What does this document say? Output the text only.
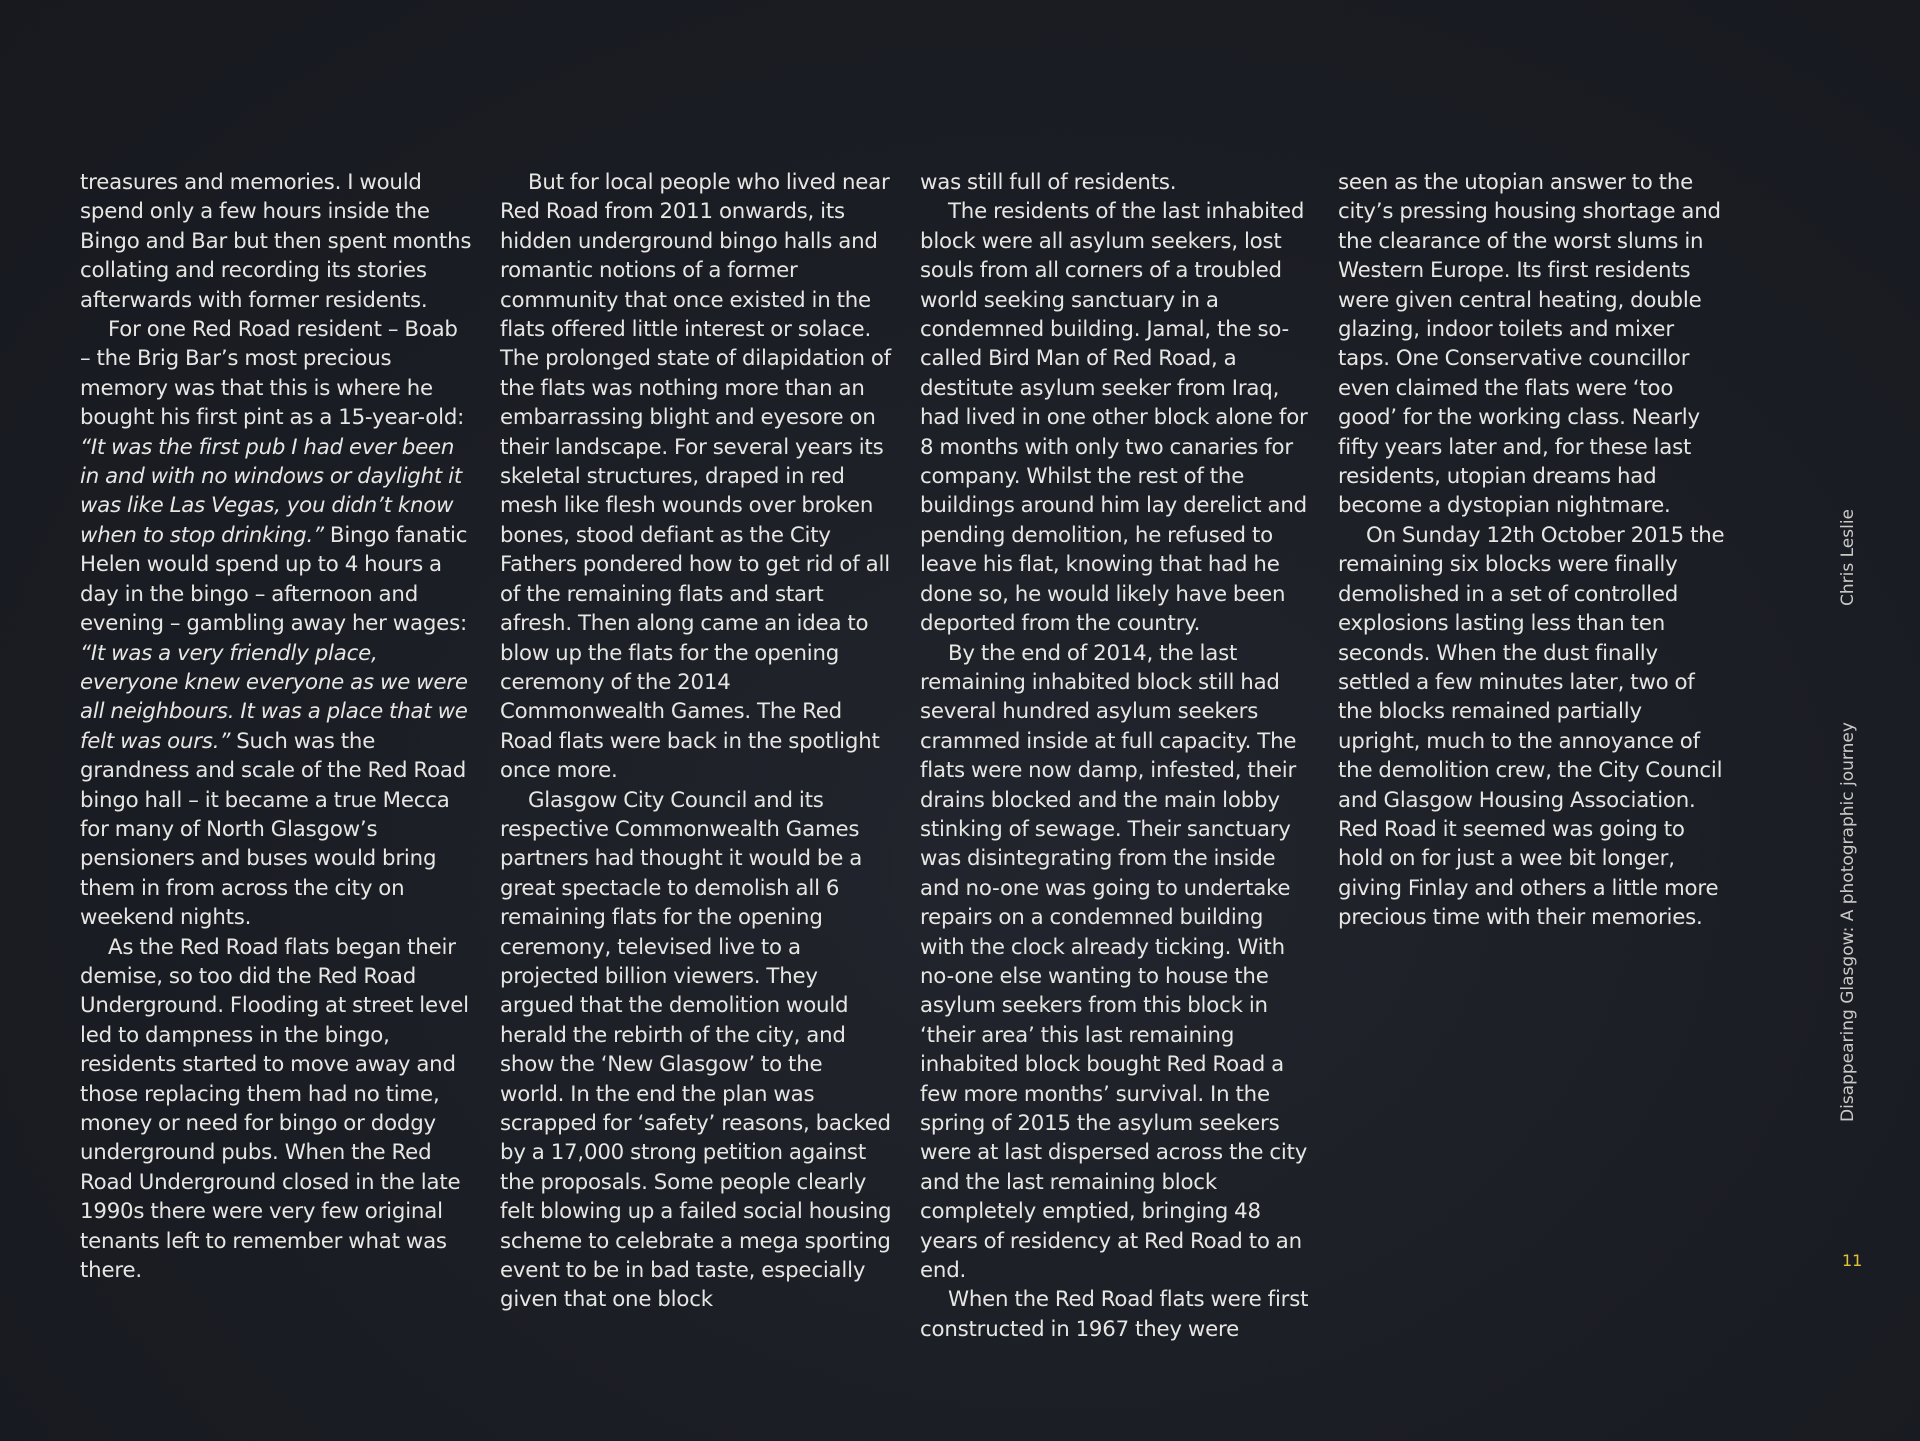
treasures and memories. I would spend only a few hours inside the Bingo and Bar but then spent months collating and recording its stories afterwards with former residents.

For one Red Road resident – Boab – the Brig Bar’s most precious memory was that this is where he bought his first pint as a 15-year-old: “It was the first pub I had ever been in and with no windows or daylight it was like Las Vegas, you didn’t know when to stop drinking.” Bingo fanatic Helen would spend up to 4 hours a day in the bingo – afternoon and evening – gambling away her wages: “It was a very friendly place, everyone knew everyone as we were all neighbours. It was a place that we felt was ours.” Such was the grandness and scale of the Red Road bingo hall – it became a true Mecca for many of North Glasgow’s pensioners and buses would bring them in from across the city on weekend nights.

As the Red Road flats began their demise, so too did the Red Road Underground. Flooding at street level led to dampness in the bingo, residents started to move away and those replacing them had no time, money or need for bingo or dodgy underground pubs. When the Red Road Underground closed in the late 1990s there were very few original tenants left to remember what was there.

But for local people who lived near Red Road from 2011 onwards, its hidden underground bingo halls and romantic notions of a former community that once existed in the flats offered little interest or solace. The prolonged state of dilapidation of the flats was nothing more than an embarrassing blight and eyesore on their landscape. For several years its skeletal structures, draped in red mesh like flesh wounds over broken bones, stood defiant as the City Fathers pondered how to get rid of all of the remaining flats and start afresh. Then along came an idea to blow up the flats for the opening ceremony of the 2014 Commonwealth Games. The Red Road flats were back in the spotlight once more.

Glasgow City Council and its respective Commonwealth Games partners had thought it would be a great spectacle to demolish all 6 remaining flats for the opening ceremony, televised live to a projected billion viewers. They argued that the demolition would herald the rebirth of the city, and show the ‘New Glasgow’ to the world. In the end the plan was scrapped for ‘safety’ reasons, backed by a 17,000 strong petition against the proposals. Some people clearly felt blowing up a failed social housing scheme to celebrate a mega sporting event to be in bad taste, especially given that one block

was still full of residents.

The residents of the last inhabited block were all asylum seekers, lost souls from all corners of a troubled world seeking sanctuary in a condemned building. Jamal, the so-called Bird Man of Red Road, a destitute asylum seeker from Iraq, had lived in one other block alone for 8 months with only two canaries for company. Whilst the rest of the buildings around him lay derelict and pending demolition, he refused to leave his flat, knowing that had he done so, he would likely have been deported from the country.

By the end of 2014, the last remaining inhabited block still had several hundred asylum seekers crammed inside at full capacity. The flats were now damp, infested, their drains blocked and the main lobby stinking of sewage. Their sanctuary was disintegrating from the inside and no-one was going to undertake repairs on a condemned building with the clock already ticking. With no-one else wanting to house the asylum seekers from this block in ‘their area’ this last remaining inhabited block bought Red Road a few more months’ survival. In the spring of 2015 the asylum seekers were at last dispersed across the city and the last remaining block completely emptied, bringing 48 years of residency at Red Road to an end.

When the Red Road flats were first constructed in 1967 they were

seen as the utopian answer to the city’s pressing housing shortage and the clearance of the worst slums in Western Europe. Its first residents were given central heating, double glazing, indoor toilets and mixer taps. One Conservative councillor even claimed the flats were ‘too good’ for the working class. Nearly fifty years later and, for these last residents, utopian dreams had become a dystopian nightmare.

On Sunday 12th October 2015 the remaining six blocks were finally demolished in a set of controlled explosions lasting less than ten seconds. When the dust finally settled a few minutes later, two of the blocks remained partially upright, much to the annoyance of the demolition crew, the City Council and Glasgow Housing Association. Red Road it seemed was going to hold on for just a wee bit longer, giving Finlay and others a little more precious time with their memories.	Disappearing Glasgow: A photographic journey
Chris Leslie
11
